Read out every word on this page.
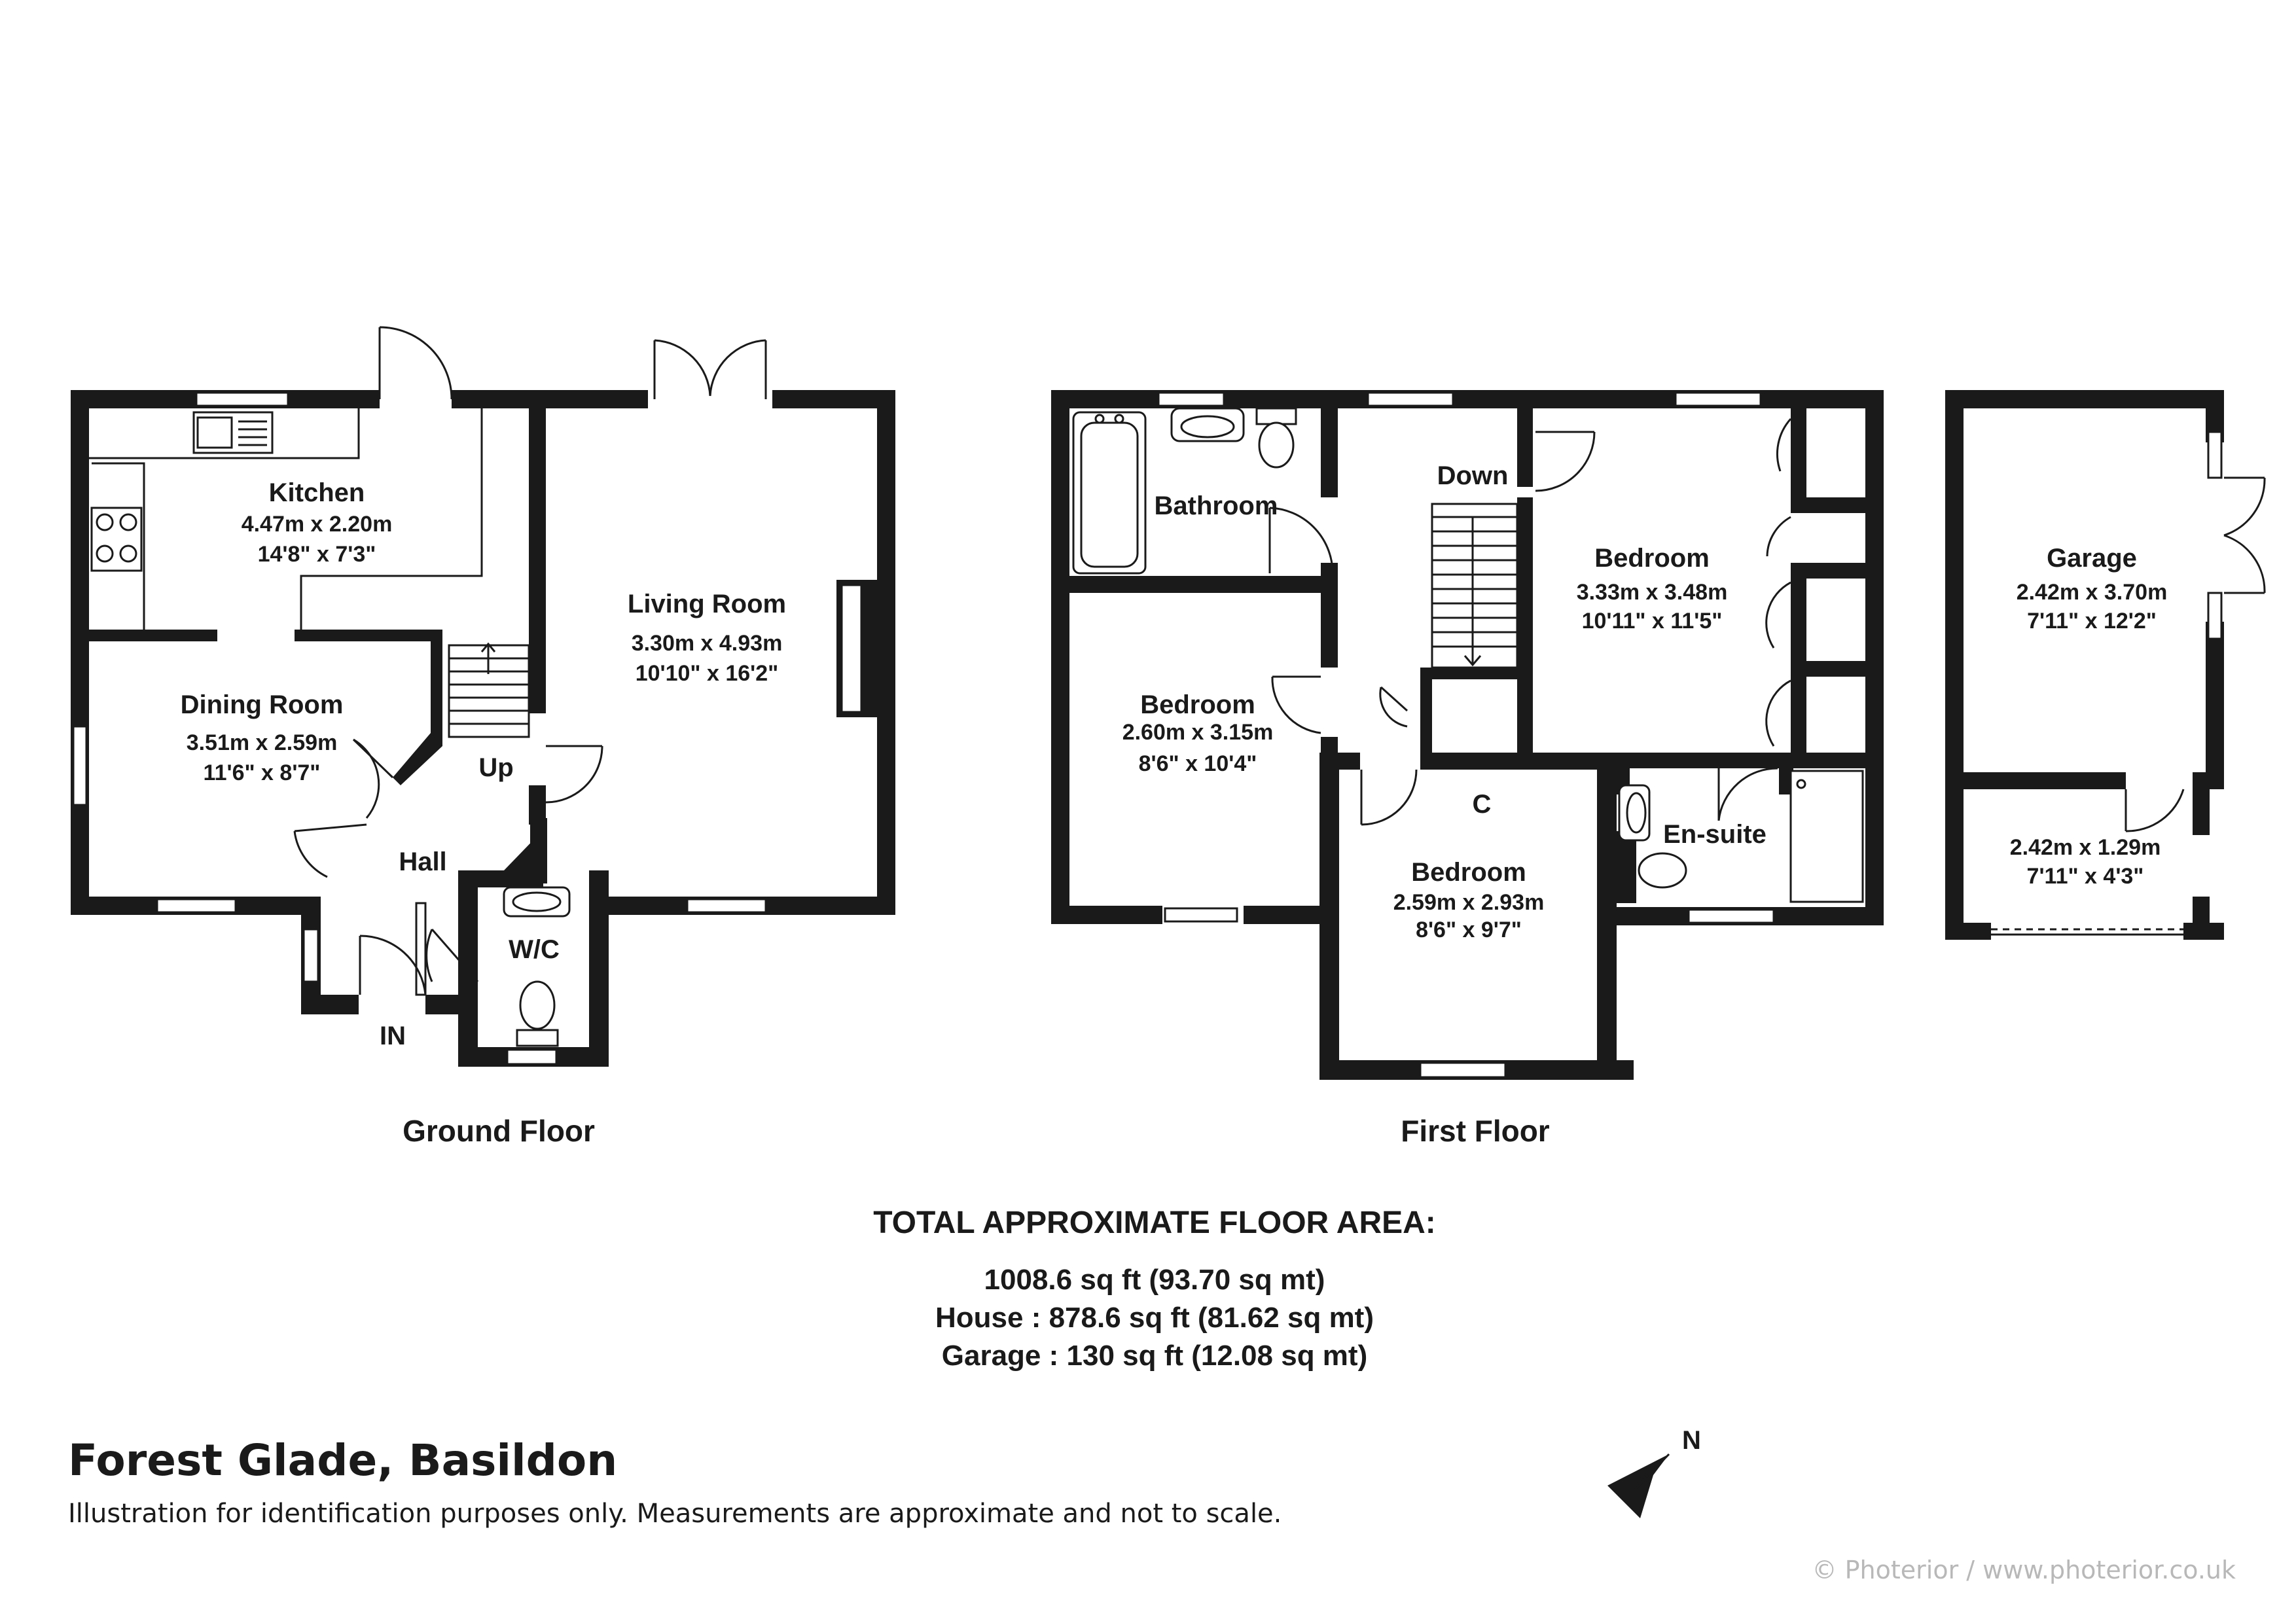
Kitchen
4.47m x 2.20m
14'8" x 7'3"
Dining Room
3.51m x 2.59m
11'6" x 8'7"
Living Room
3.30m x 4.93m
10'10" x 16'2"
Up
Hall
W/C
IN
Ground Floor
Bathroom
Down
Bedroom
3.33m x 3.48m
10'11" x 11'5"
Bedroom
2.60m x 3.15m
8'6" x 10'4"
C
Bedroom
2.59m x 2.93m
8'6" x 9'7"
En-suite
First Floor
Garage
2.42m x 3.70m
7'11" x 12'2"
2.42m x 1.29m
7'11" x 4'3"
TOTAL APPROXIMATE FLOOR AREA:
1008.6 sq ft (93.70 sq mt)
House : 878.6 sq ft (81.62 sq mt)
Garage : 130 sq ft (12.08 sq mt)
Forest Glade, Basildon
Illustration for identification purposes only. Measurements are approximate and not to scale.
N
© Photerior / www.photerior.co.uk
